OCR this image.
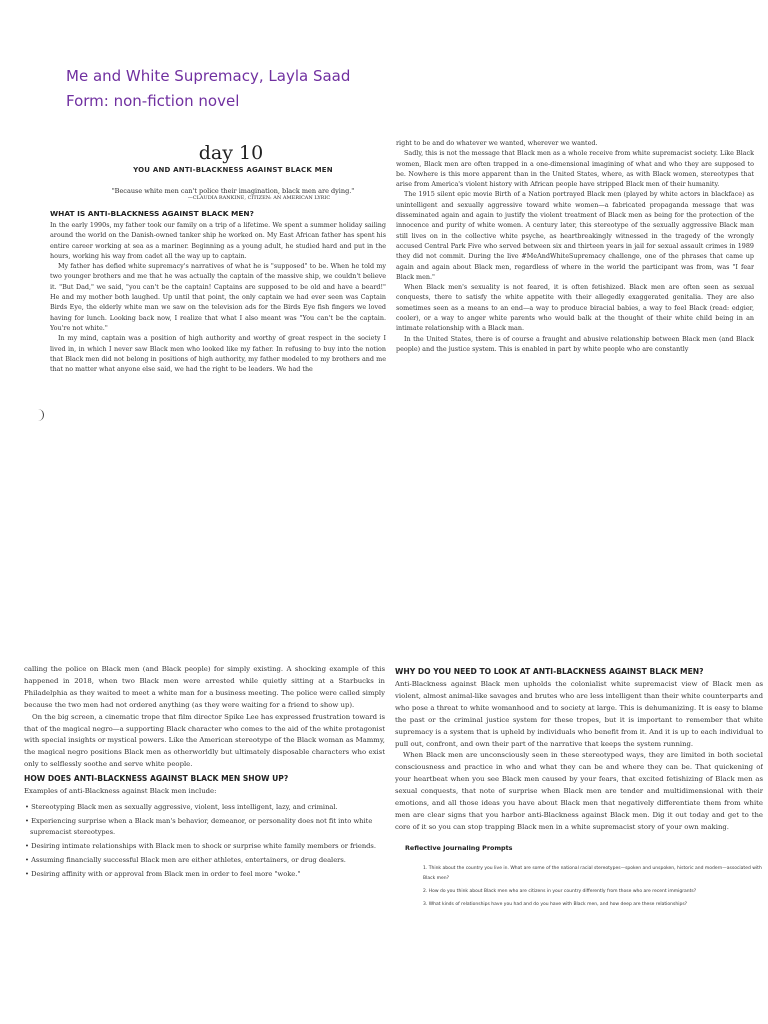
Me and White Supremacy, Layla Saad
Form: non-fiction novel
day 10
YOU AND ANTI-BLACKNESS AGAINST BLACK MEN
"Because white men can't police their imagination, black men are dying."
—CLAUDIA RANKINE, CITIZEN: AN AMERICAN LYRIC
WHAT IS ANTI-BLACKNESS AGAINST BLACK MEN?

In the early 1990s, my father took our family on a trip of a lifetime. We spent a summer holiday sailing around the world on the Danish-owned tanker ship he worked on. My East African father has spent his entire career working at sea as a mariner. Beginning as a young adult, he studied hard and put in the hours, working his way from cadet all the way up to captain.

My father has defied white supremacy's narratives of what he is "supposed" to be. When he told my two younger brothers and me that he was actually the captain of the massive ship, we couldn't believe it. "But Dad," we said, "you can't be the captain! Captains are supposed to be old and have a beard!" He and my mother both laughed. Up until that point, the only captain we had ever seen was Captain Birds Eye, the elderly white man we saw on the television ads for the Birds Eye fish fingers we loved having for lunch. Looking back now, I realize that what I also meant was "You can't be the captain. You're not white."

In my mind, captain was a position of high authority and worthy of great respect in the society I lived in, in which I never saw Black men who looked like my father. In refusing to buy into the notion that Black men did not belong in positions of high authority, my father modeled to my brothers and me that no matter what anyone else said, we had the right to be leaders. We had the

right to be and do whatever we wanted, wherever we wanted.

Sadly, this is not the message that Black men as a whole receive from white supremacist society. Like Black women, Black men are often trapped in a one-dimensional imagining of what and who they are supposed to be. Nowhere is this more apparent than in the United States, where, as with Black women, stereotypes that arise from America's violent history with African people have stripped Black men of their humanity.

The 1915 silent epic movie Birth of a Nation portrayed Black men (played by white actors in blackface) as unintelligent and sexually aggressive toward white women—a fabricated propaganda message that was disseminated again and again to justify the violent treatment of Black men as being for the protection of the innocence and purity of white women. A century later, this stereotype of the sexually aggressive Black man still lives on in the collective white psyche, as heartbreakingly witnessed in the tragedy of the wrongly accused Central Park Five who served between six and thirteen years in jail for sexual assault crimes in 1989 they did not commit. During the live #MeAndWhiteSupremacy challenge, one of the phrases that came up again and again about Black men, regardless of where in the world the participant was from, was "I fear Black men."

When Black men's sexuality is not feared, it is often fetishized. Black men are often seen as sexual conquests, there to satisfy the white appetite with their allegedly exaggerated genitalia. They are also sometimes seen as a means to an end—a way to produce biracial babies, a way to feel Black (read: edgier, cooler), or a way to anger white parents who would balk at the thought of their white child being in an intimate relationship with a Black man.

In the United States, there is of course a fraught and abusive relationship between Black men (and Black people) and the justice system. This is enabled in part by white people who are constantly

calling the police on Black men (and Black people) for simply existing. A shocking example of this happened in 2018, when two Black men were arrested while quietly sitting at a Starbucks in Philadelphia as they waited to meet a white man for a business meeting. The police were called simply because the two men had not ordered anything (as they were waiting for a friend to show up).

On the big screen, a cinematic trope that film director Spike Lee has expressed frustration toward is that of the magical negro—a supporting Black character who comes to the aid of the white protagonist with special insights or mystical powers. Like the American stereotype of the Black woman as Mammy, the magical negro positions Black men as otherworldly but ultimately disposable characters who exist only to selflessly soothe and serve white people.

HOW DOES ANTI-BLACKNESS AGAINST BLACK MEN SHOW UP?

Examples of anti-Blackness against Black men include:

• Stereotyping Black men as sexually aggressive, violent, less intelligent, lazy, and criminal.
• Experiencing surprise when a Black man's behavior, demeanor, or personality does not fit into white supremacist stereotypes.
• Desiring intimate relationships with Black men to shock or surprise white family members or friends.
• Assuming financially successful Black men are either athletes, entertainers, or drug dealers.
• Desiring affinity with or approval from Black men in order to feel more "woke."
WHY DO YOU NEED TO LOOK AT ANTI-BLACKNESS AGAINST BLACK MEN?

Anti-Blackness against Black men upholds the colonialist white supremacist view of Black men as violent, almost animal-like savages and brutes who are less intelligent than their white counterparts and who pose a threat to white womanhood and to society at large. This is dehumanizing. It is easy to blame the past or the criminal justice system for these tropes, but it is important to remember that white supremacy is a system that is upheld by individuals who benefit from it. And it is up to each individual to pull out, confront, and own their part of the narrative that keeps the system running.

When Black men are unconsciously seen in these stereotyped ways, they are limited in both societal consciousness and practice in who and what they can be and where they can be. That quickening of your heartbeat when you see Black men caused by your fears, that excited fetishizing of Black men as sexual conquests, that note of surprise when Black men are tender and multidimensional with their emotions, and all those ideas you have about Black men that negatively differentiate them from white men are clear signs that you harbor anti-Blackness against Black men. Dig it out today and get to the core of it so you can stop trapping Black men in a white supremacist story of your own making.

Reflective Journaling Prompts
1. Think about the country you live in. What are some of the national racial stereotypes—spoken and unspoken, historic and modern—associated with Black men?
2. How do you think about Black men who are citizens in your country differently from those who are recent immigrants?
3. What kinds of relationships have you had and do you have with Black men, and how deep are these relationships?
